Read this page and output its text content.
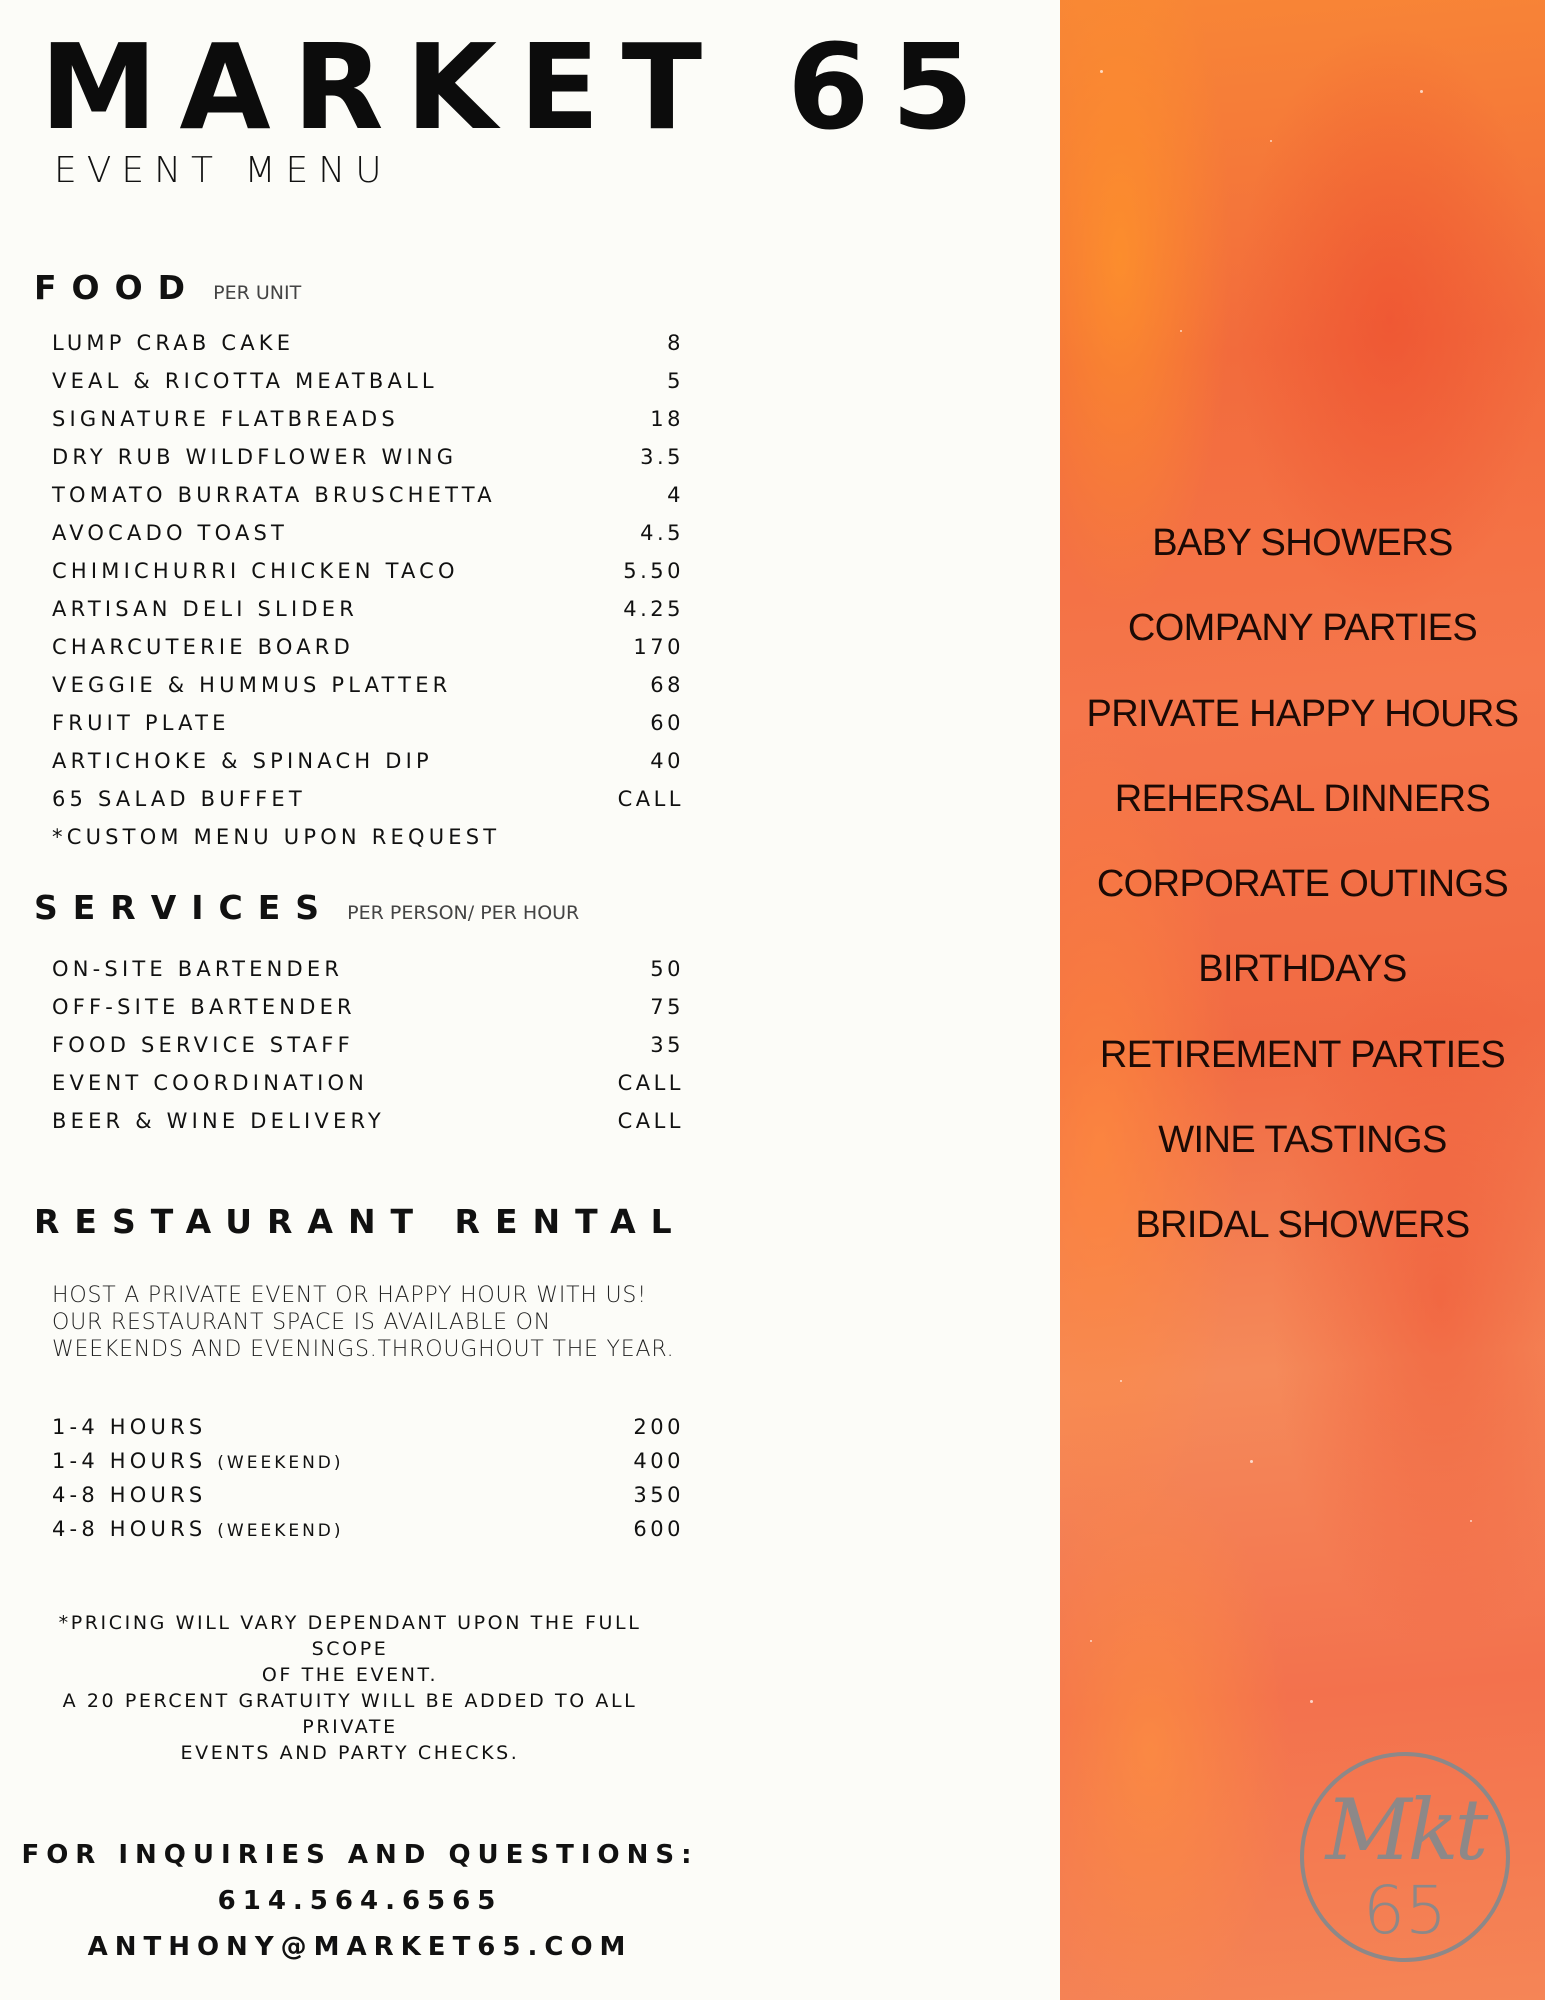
MARKET 65
EVENT MENU
FOOD PER UNIT
LUMP CRAB CAKE	8
VEAL & RICOTTA MEATBALL	5
SIGNATURE FLATBREADS	18
DRY RUB WILDFLOWER WING	3.5
TOMATO BURRATA BRUSCHETTA	4
AVOCADO TOAST	4.5
CHIMICHURRI CHICKEN TACO	5.50
ARTISAN DELI SLIDER	4.25
CHARCUTERIE BOARD	170
VEGGIE & HUMMUS PLATTER	68
FRUIT PLATE	60
ARTICHOKE & SPINACH DIP	40
65 SALAD BUFFET	CALL
*CUSTOM MENU UPON REQUEST
SERVICES PER PERSON/ PER HOUR
ON-SITE BARTENDER	50
OFF-SITE BARTENDER	75
FOOD SERVICE STAFF	35
EVENT COORDINATION	CALL
BEER & WINE DELIVERY	CALL
RESTAURANT RENTAL
HOST A PRIVATE EVENT OR HAPPY HOUR WITH US!
OUR RESTAURANT SPACE IS AVAILABLE ON
WEEKENDS AND EVENINGS.THROUGHOUT THE YEAR.
1-4 HOURS	200
1-4 HOURS (WEEKEND)	400
4-8 HOURS	350
4-8 HOURS (WEEKEND)	600
*PRICING WILL VARY DEPENDANT UPON THE FULL SCOPE
OF THE EVENT.
A 20 PERCENT GRATUITY WILL BE ADDED TO ALL PRIVATE
EVENTS AND PARTY CHECKS.
FOR INQUIRIES AND QUESTIONS:
614.564.6565
ANTHONY@MARKET65.COM
BABY SHOWERS
COMPANY PARTIES
PRIVATE HAPPY HOURS
REHERSAL DINNERS
CORPORATE OUTINGS
BIRTHDAYS
RETIREMENT PARTIES
WINE TASTINGS
BRIDAL SHOWERS
Mkt
65
